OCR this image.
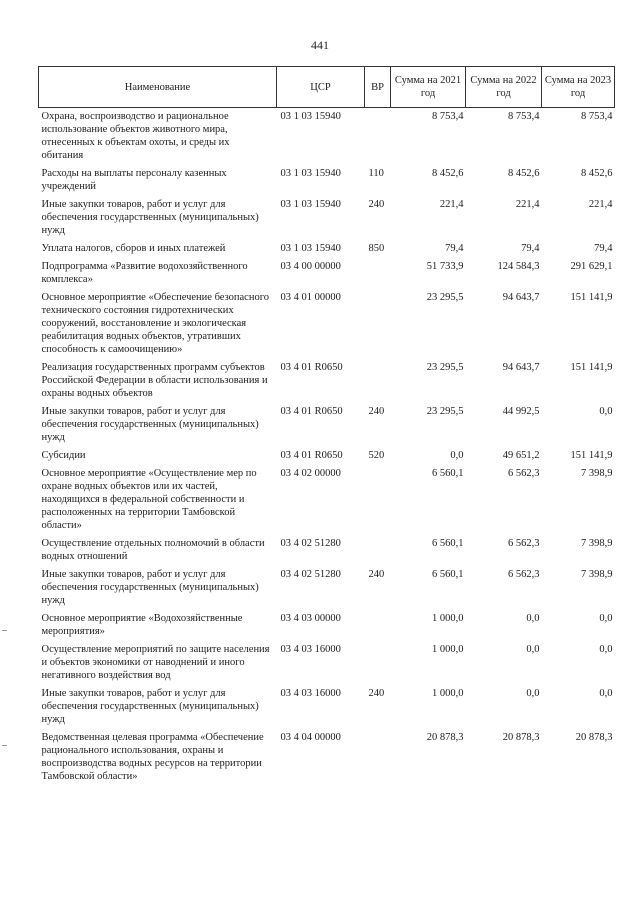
441
Наименование	ЦСР	ВР	Сумма на 2021 год	Сумма на 2022 год	Сумма на 2023 год
Охрана, воспроизводство и рациональное использование объектов животного мира, отнесенных к объектам охоты, и среды их обитания	03 1 03 15940		8 753,4	8 753,4	8 753,4
Расходы на выплаты персоналу казенных учреждений	03 1 03 15940	110	8 452,6	8 452,6	8 452,6
Иные закупки товаров, работ и услуг для обеспечения государственных (муниципальных) нужд	03 1 03 15940	240	221,4	221,4	221,4
Уплата налогов, сборов и иных платежей	03 1 03 15940	850	79,4	79,4	79,4
Подпрограмма «Развитие водохозяйственного комплекса»	03 4 00 00000		51 733,9	124 584,3	291 629,1
Основное мероприятие «Обеспечение безопасного технического состояния гидротехнических сооружений, восстановление и экологическая реабилитация водных объектов, утративших способность к самоочищению»	03 4 01 00000		23 295,5	94 643,7	151 141,9
Реализация государственных программ субъектов Российской Федерации в области использования и охраны водных объектов	03 4 01 R0650		23 295,5	94 643,7	151 141,9
Иные закупки товаров, работ и услуг для обеспечения государственных (муниципальных) нужд	03 4 01 R0650	240	23 295,5	44 992,5	0,0
Субсидии	03 4 01 R0650	520	0,0	49 651,2	151 141,9
Основное мероприятие «Осуществление мер по охране водных объектов или их частей, находящихся в федеральной собственности и расположенных на территории Тамбовской области»	03 4 02 00000		6 560,1	6 562,3	7 398,9
Осуществление отдельных полномочий в области водных отношений	03 4 02 51280		6 560,1	6 562,3	7 398,9
Иные закупки товаров, работ и услуг для обеспечения государственных (муниципальных) нужд	03 4 02 51280	240	6 560,1	6 562,3	7 398,9
Основное мероприятие «Водохозяйственные мероприятия»	03 4 03 00000		1 000,0	0,0	0,0
Осуществление мероприятий по защите населения и объектов экономики от наводнений и иного негативного воздействия вод	03 4 03 16000		1 000,0	0,0	0,0
Иные закупки товаров, работ и услуг для обеспечения государственных (муниципальных) нужд	03 4 03 16000	240	1 000,0	0,0	0,0
Ведомственная целевая программа «Обеспечение рационального использования, охраны и воспроизводства водных ресурсов на территории Тамбовской области»	03 4 04 00000		20 878,3	20 878,3	20 878,3
